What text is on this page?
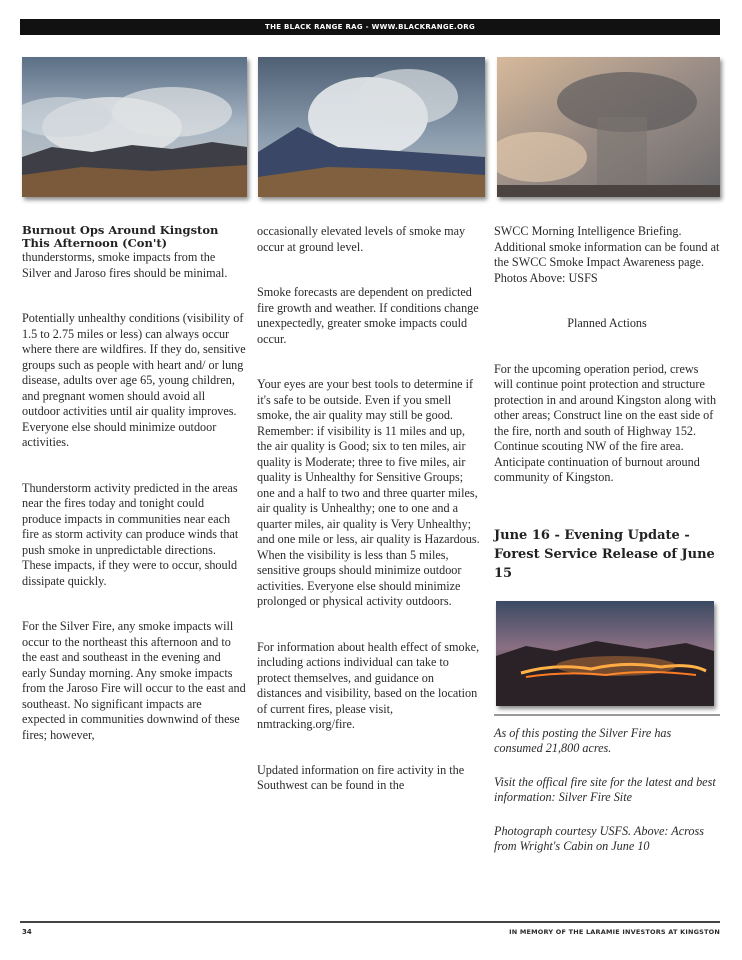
THE BLACK RANGE RAG - WWW.BLACKRANGE.ORG
Burnout Ops Around Kingston This Afternoon (Con't)

thunderstorms, smoke impacts from the Silver and Jaroso fires should be minimal.

Potentially unhealthy conditions (visibility of 1.5 to 2.75 miles or less) can always occur where there are wildfires. If they do, sensitive groups such as people with heart and/ or lung disease, adults over age 65, young children, and pregnant women should avoid all outdoor activities until air quality improves. Everyone else should minimize outdoor activities.

Thunderstorm activity predicted in the areas near the fires today and tonight could produce impacts in communities near each fire as storm activity can produce winds that push smoke in unpredictable directions. These impacts, if they were to occur, should dissipate quickly.

For the Silver Fire, any smoke impacts will occur to the northeast this afternoon and to the east and southeast in the evening and early Sunday morning. Any smoke impacts from the Jaroso Fire will occur to the east and southeast. No significant impacts are expected in communities downwind of these fires; however,

occasionally elevated levels of smoke may occur at ground level.

Smoke forecasts are dependent on predicted fire growth and weather. If conditions change unexpectedly, greater smoke impacts could occur.

Your eyes are your best tools to determine if it's safe to be outside. Even if you smell smoke, the air quality may still be good. Remember: if visibility is 11 miles and up, the air quality is Good; six to ten miles, air quality is Moderate; three to five miles, air quality is Unhealthy for Sensitive Groups; one and a half to two and three quarter miles, air quality is Unhealthy; one to one and a quarter miles, air quality is Very Unhealthy; and one mile or less, air quality is Hazardous. When the visibility is less than 5 miles, sensitive groups should minimize outdoor activities. Everyone else should minimize prolonged or physical activity outdoors.

For information about health effect of smoke, including actions individual can take to protect themselves, and guidance on distances and visibility, based on the location of current fires, please visit, nmtracking.org/fire.

Updated information on fire activity in the Southwest can be found in the

SWCC Morning Intelligence Briefing. Additional smoke information can be found at the SWCC Smoke Impact Awareness page. Photos Above: USFS

Planned Actions

For the upcoming operation period, crews will continue point protection and structure protection in and around Kingston along with other areas; Construct line on the east side of the fire, north and south of Highway 152. Continue scouting NW of the fire area. Anticipate continuation of burnout around community of Kingston.

June 16 - Evening Update - Forest Service Release of June 15

As of this posting the Silver Fire has consumed 21,800 acres.

Visit the offical fire site for the latest and best information: Silver Fire Site

Photograph courtesy USFS. Above: Across from Wright's Cabin on June 10

34	IN MEMORY OF THE LARAMIE INVESTORS AT KINGSTON
